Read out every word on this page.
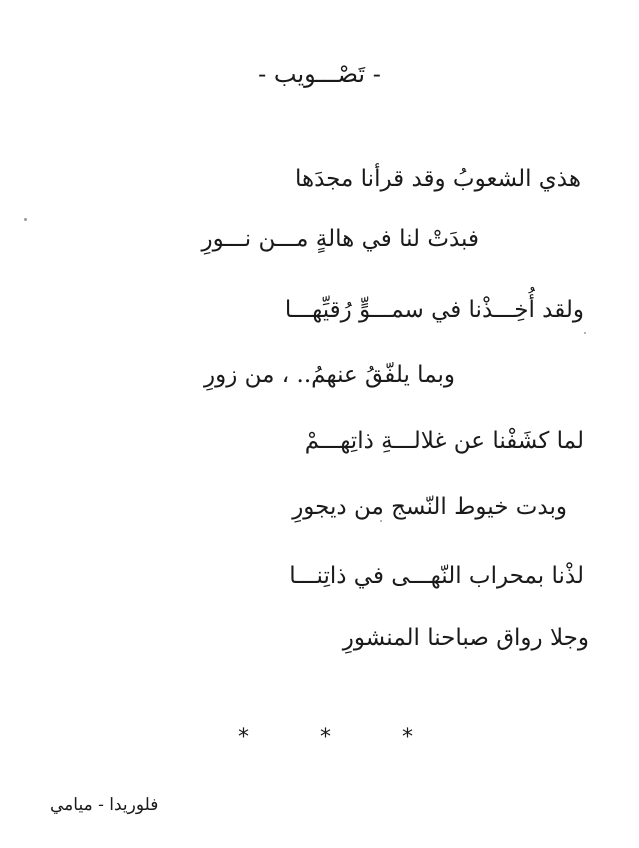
- تَصْـــويب -
هذي الشعوبُ وقد قرأنا مجدَها
فبدَتْ لنا في هالةٍ مـــن نـــورِ
ولقد أُخِـــذْنا في سمـــوٍّ رُقيِّهـــا
وبما يلفّقُ عنهمُ.. ، من زورِ
لما كشَفْنا عن غلالـــةِ ذاتِهـــمْ
وبدت خيوط النّسج من ديجورِ
لذْنا بمحراب النّهـــى في ذاتِنـــا
وجلا رواق صباحنا المنشورِ
*	*	*
فلوريدا - ميامي
